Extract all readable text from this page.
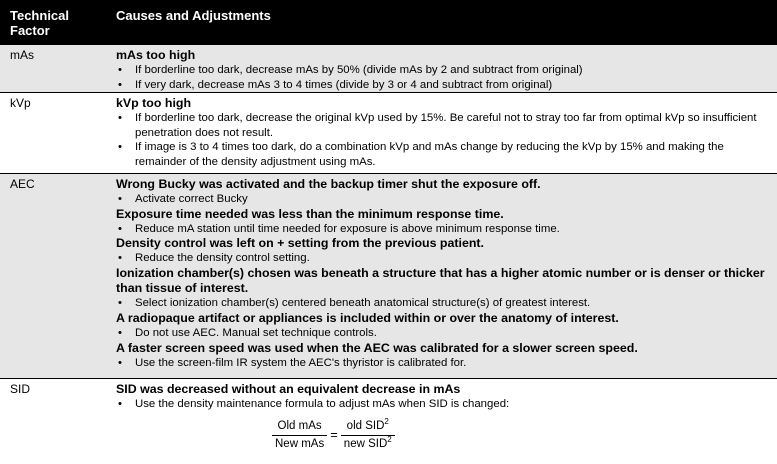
Technical Factor
Causes and Adjustments
mAs	mAs too high
• If borderline too dark, decrease mAs by 50% (divide mAs by 2 and subtract from original)
• If very dark, decrease mAs 3 to 4 times (divide by 3 or 4 and subtract from original)
kVp	kVp too high
• If borderline too dark, decrease the original kVp used by 15%. Be careful not to stray too far from optimal kVp so insufficient penetration does not result.
• If image is 3 to 4 times too dark, do a combination kVp and mAs change by reducing the kVp by 15% and making the remainder of the density adjustment using mAs.
AEC	Wrong Bucky was activated and the backup timer shut the exposure off.
• Activate correct Bucky
Exposure time needed was less than the minimum response time.
• Reduce mA station until time needed for exposure is above minimum response time.
Density control was left on + setting from the previous patient.
• Reduce the density control setting.
Ionization chamber(s) chosen was beneath a structure that has a higher atomic number or is denser or thicker than tissue of interest.
• Select ionization chamber(s) centered beneath anatomical structure(s) of greatest interest.
A radiopaque artifact or appliances is included within or over the anatomy of interest.
• Do not use AEC. Manual set technique controls.
A faster screen speed was used when the AEC was calibrated for a slower screen speed.
• Use the screen-film IR system the AEC's thyristor is calibrated for.
SID	SID was decreased without an equivalent decrease in mAs
• Use the density maintenance formula to adjust mAs when SID is changed:
$\frac{\text{Old mAs}}{\text{New mAs}} = \frac{old SID^2}{new SID^2}$
